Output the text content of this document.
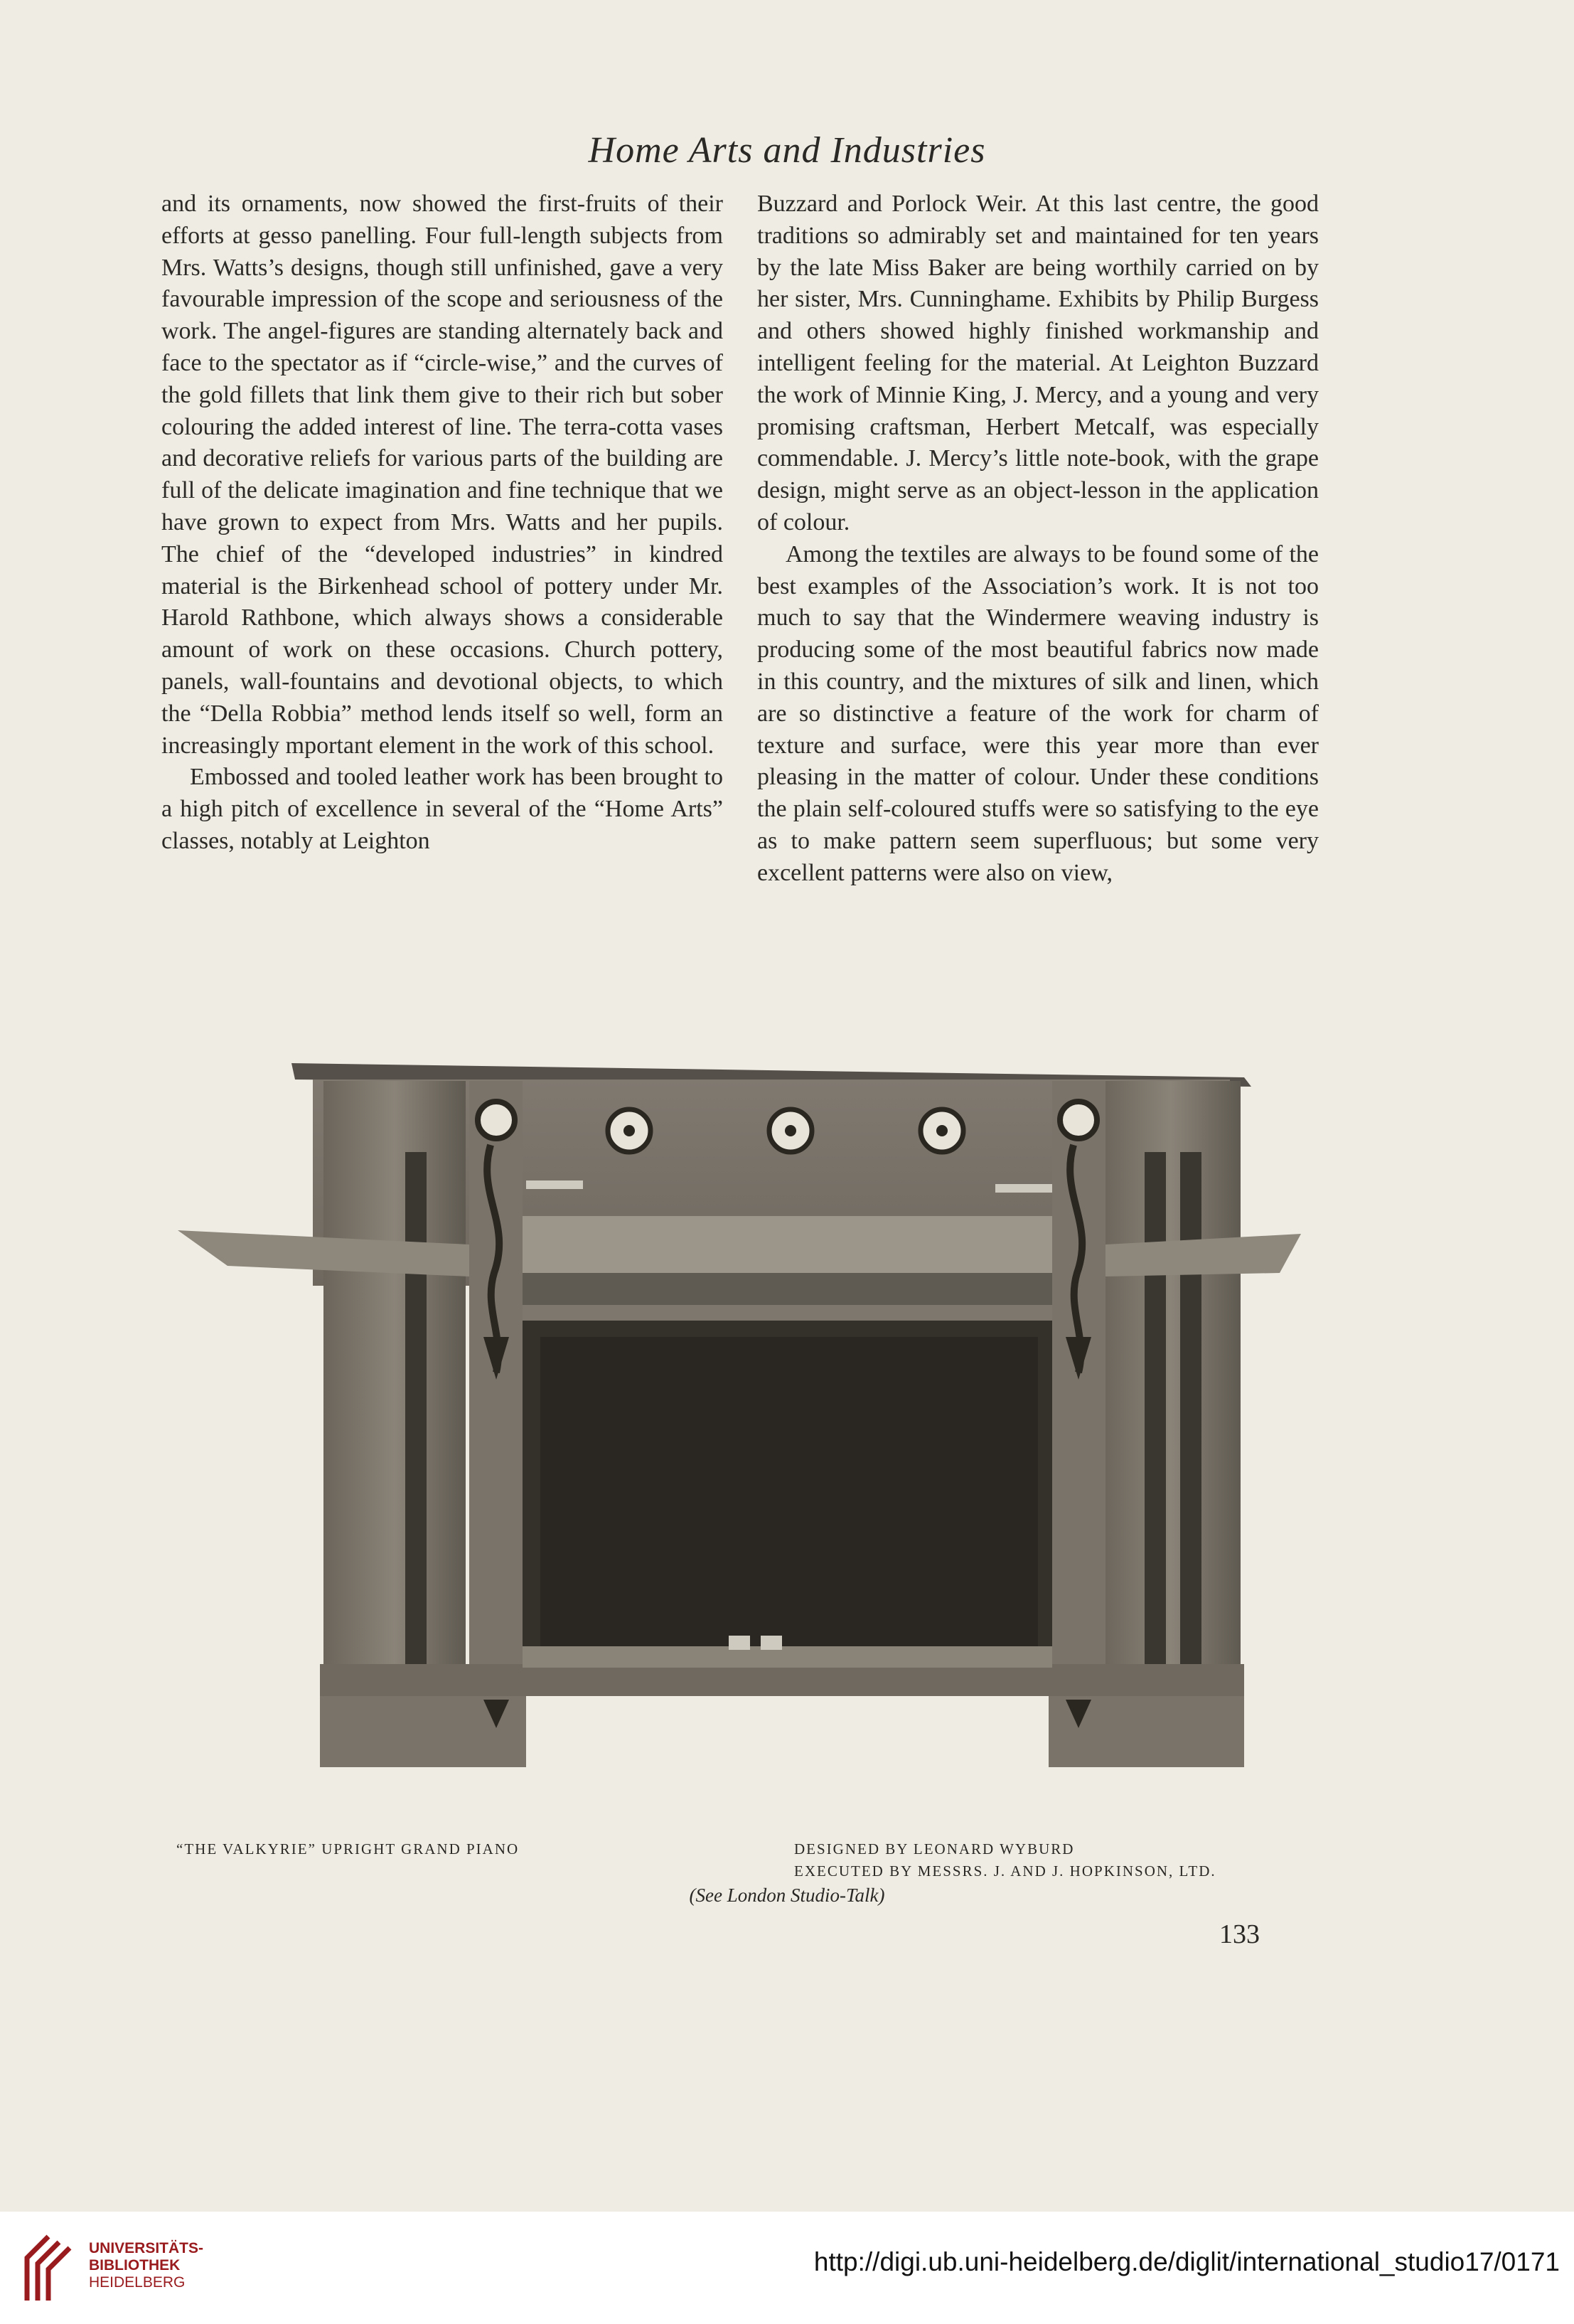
Home Arts and Industries

and its ornaments, now showed the first-fruits of their efforts at gesso panelling. Four full-length subjects from Mrs. Watts’s designs, though still unfinished, gave a very favourable impression of the scope and seriousness of the work. The angel-figures are standing alternately back and face to the spectator as if “circle-wise,” and the curves of the gold fillets that link them give to their rich but sober colouring the added interest of line. The terra-cotta vases and decorative reliefs for various parts of the building are full of the delicate imagination and fine technique that we have grown to expect from Mrs. Watts and her pupils. The chief of the “developed industries” in kindred material is the Birkenhead school of pottery under Mr. Harold Rathbone, which always shows a considerable amount of work on these occasions. Church pottery, panels, wall-fountains and devotional objects, to which the “Della Robbia” method lends itself so well, form an increasingly mportant element in the work of this school.

Embossed and tooled leather work has been brought to a high pitch of excellence in several of the “Home Arts” classes, notably at Leighton

Buzzard and Porlock Weir. At this last centre, the good traditions so admirably set and maintained for ten years by the late Miss Baker are being worthily carried on by her sister, Mrs. Cunninghame. Exhibits by Philip Burgess and others showed highly finished workmanship and intelligent feeling for the material. At Leighton Buzzard the work of Minnie King, J. Mercy, and a young and very promising craftsman, Herbert Metcalf, was especially commendable. J. Mercy’s little note-book, with the grape design, might serve as an object-lesson in the application of colour.

Among the textiles are always to be found some of the best examples of the Association’s work. It is not too much to say that the Windermere weaving industry is producing some of the most beautiful fabrics now made in this country, and the mixtures of silk and linen, which are so distinctive a feature of the work for charm of texture and surface, were this year more than ever pleasing in the matter of colour. Under these conditions the plain self-coloured stuffs were so satisfying to the eye as to make pattern seem superfluous; but some very excellent patterns were also on view,

“THE VALKYRIE” UPRIGHT GRAND PIANO	DESIGNED BY LEONARD WYBURD
EXECUTED BY MESSRS. J. AND J. HOPKINSON, LTD.
(See London Studio-Talk)
133
UNIVERSITÄTS-
BIBLIOTHEK
HEIDELBERG
http://digi.ub.uni-heidelberg.de/diglit/international_studio17/0171
